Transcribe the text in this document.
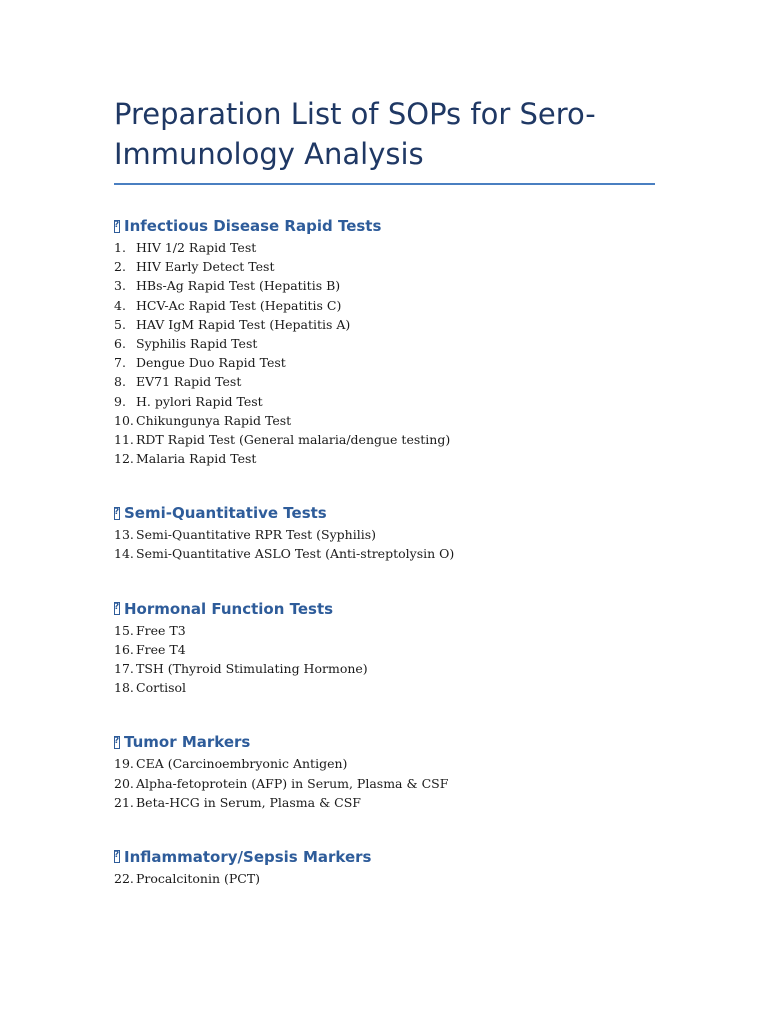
Preparation List of SOPs for Sero-
Immunology Analysis
?
Infectious Disease Rapid Tests
1. HIV 1/2 Rapid Test
2. HIV Early Detect Test
3. HBs-Ag Rapid Test (Hepatitis B)
4. HCV-Ac Rapid Test (Hepatitis C)
5. HAV IgM Rapid Test (Hepatitis A)
6. Syphilis Rapid Test
7. Dengue Duo Rapid Test
8. EV71 Rapid Test
9. H. pylori Rapid Test
10. Chikungunya Rapid Test
11. RDT Rapid Test (General malaria/dengue testing)
12. Malaria Rapid Test
?
Semi-Quantitative Tests
13. Semi-Quantitative RPR Test (Syphilis)
14. Semi-Quantitative ASLO Test (Anti-streptolysin O)
?
Hormonal Function Tests
15. Free T3
16. Free T4
17. TSH (Thyroid Stimulating Hormone)
18. Cortisol
?
Tumor Markers
19. CEA (Carcinoembryonic Antigen)
20. Alpha-fetoprotein (AFP) in Serum, Plasma & CSF
21. Beta-HCG in Serum, Plasma & CSF
?
Inflammatory/Sepsis Markers
22. Procalcitonin (PCT)
